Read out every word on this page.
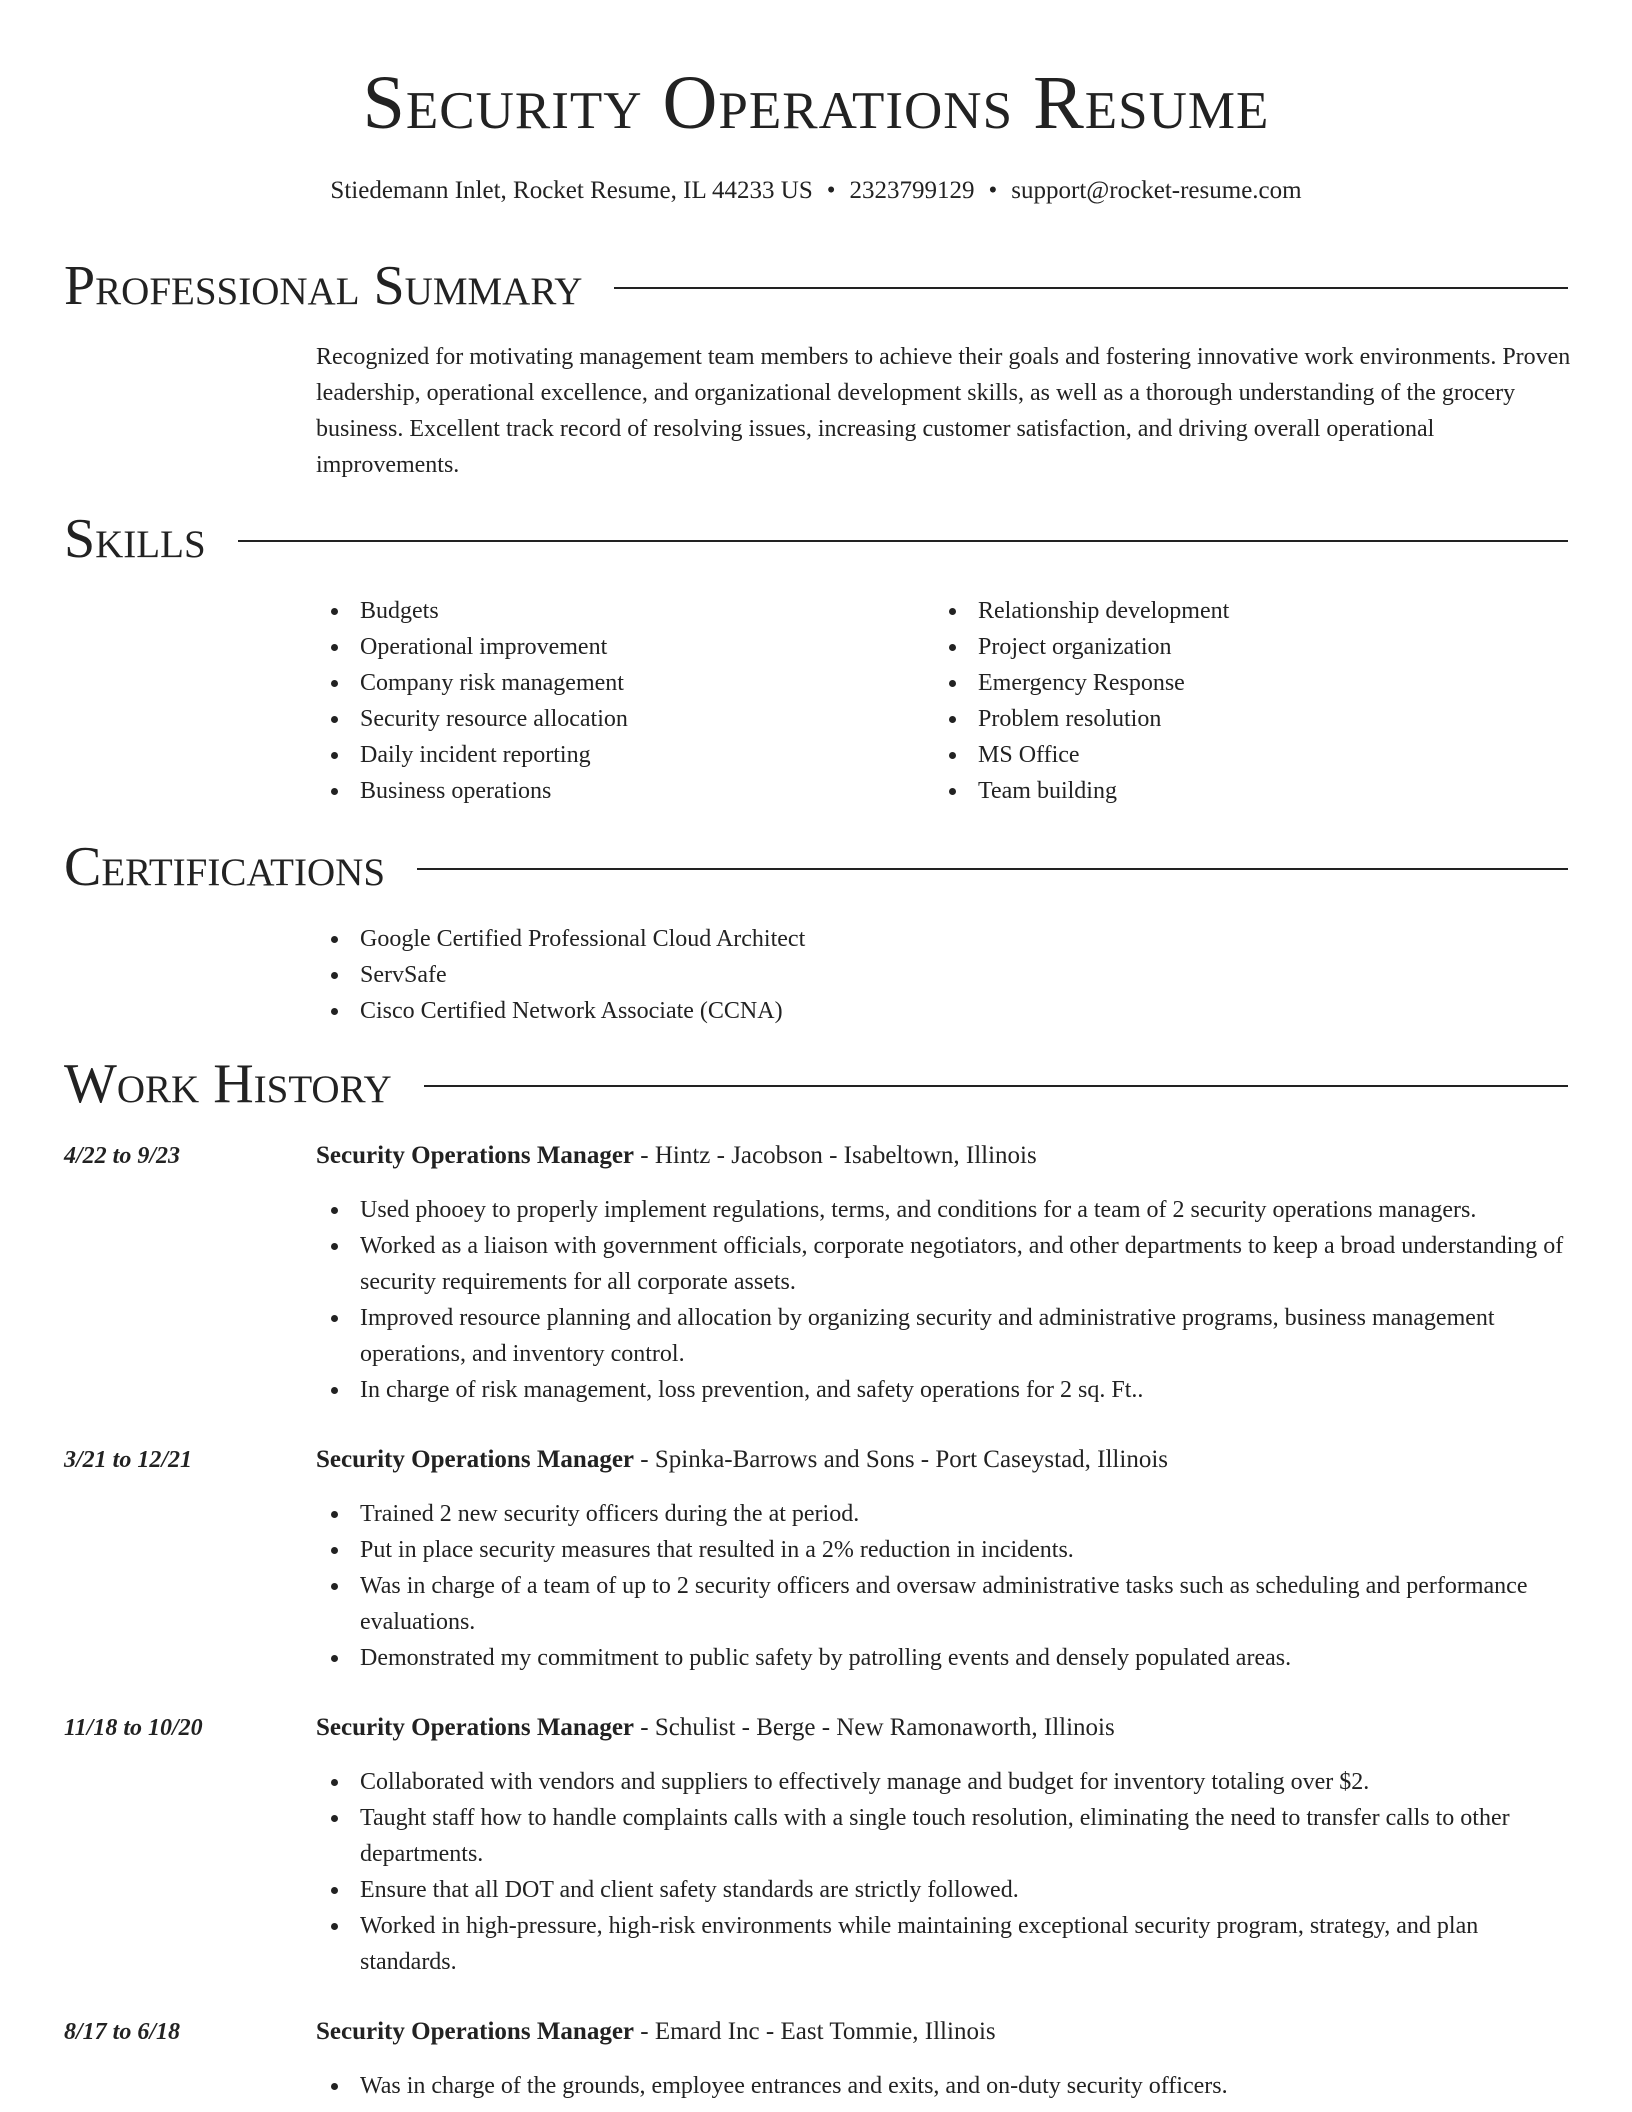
Security Operations Resume
Stiedemann Inlet, Rocket Resume, IL 44233 US • 2323799129 • support@rocket-resume.com
Professional Summary
Recognized for motivating management team members to achieve their goals and fostering innovative work environments. Proven leadership, operational excellence, and organizational development skills, as well as a thorough understanding of the grocery business. Excellent track record of resolving issues, increasing customer satisfaction, and driving overall operational improvements.
Skills
Budgets
Operational improvement
Company risk management
Security resource allocation
Daily incident reporting
Business operations
Relationship development
Project organization
Emergency Response
Problem resolution
MS Office
Team building
Certifications
Google Certified Professional Cloud Architect
ServSafe
Cisco Certified Network Associate (CCNA)
Work History
4/22 to 9/23	Security Operations Manager - Hintz - Jacobson - Isabeltown, Illinois
Used phooey to properly implement regulations, terms, and conditions for a team of 2 security operations managers.
Worked as a liaison with government officials, corporate negotiators, and other departments to keep a broad understanding of security requirements for all corporate assets.
Improved resource planning and allocation by organizing security and administrative programs, business management operations, and inventory control.
In charge of risk management, loss prevention, and safety operations for 2 sq. Ft..
3/21 to 12/21	Security Operations Manager - Spinka-Barrows and Sons - Port Caseystad, Illinois
Trained 2 new security officers during the at period.
Put in place security measures that resulted in a 2% reduction in incidents.
Was in charge of a team of up to 2 security officers and oversaw administrative tasks such as scheduling and performance evaluations.
Demonstrated my commitment to public safety by patrolling events and densely populated areas.
11/18 to 10/20	Security Operations Manager - Schulist - Berge - New Ramonaworth, Illinois
Collaborated with vendors and suppliers to effectively manage and budget for inventory totaling over $2.
Taught staff how to handle complaints calls with a single touch resolution, eliminating the need to transfer calls to other departments.
Ensure that all DOT and client safety standards are strictly followed.
Worked in high-pressure, high-risk environments while maintaining exceptional security program, strategy, and plan standards.
8/17 to 6/18	Security Operations Manager - Emard Inc - East Tommie, Illinois
Was in charge of the grounds, employee entrances and exits, and on-duty security officers.
